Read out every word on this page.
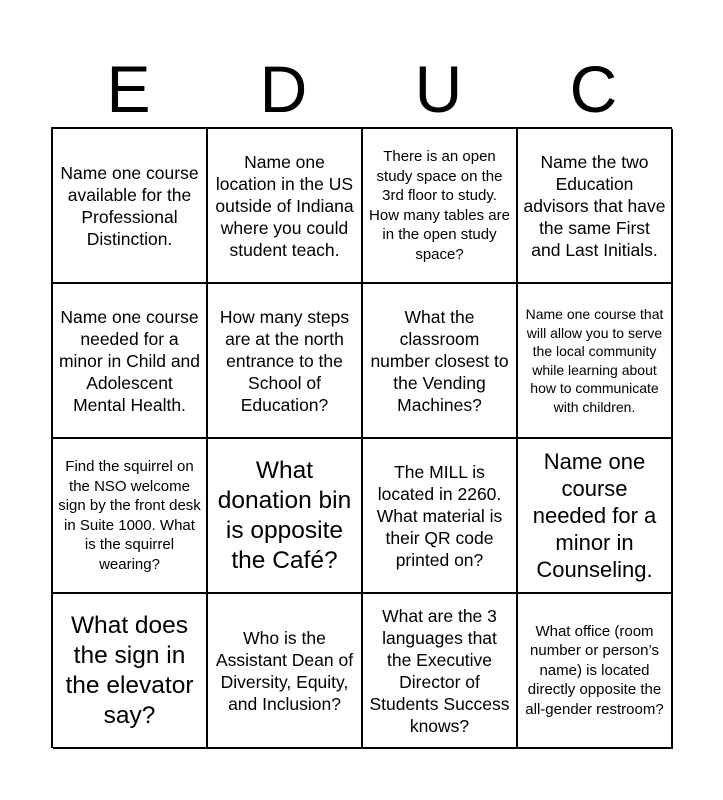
E	D	U	C
Name one course available for the Professional Distinction.
Name one location in the US outside of Indiana where you could student teach.
There is an open study space on the 3rd floor to study. How many tables are in the open study space?
Name the two Education advisors that have the same First and Last Initials.
Name one course needed for a minor in Child and Adolescent Mental Health.
How many steps are at the north entrance to the School of Education?
What the classroom number closest to the Vending Machines?
Name one course that will allow you to serve the local community while learning about how to communicate with children.
Find the squirrel on the NSO welcome sign by the front desk in Suite 1000. What is the squirrel wearing?
What donation bin is opposite the Café?
The MILL is located in 2260. What material is their QR code printed on?
Name one course needed for a minor in Counseling.
What does the sign in the elevator say?
Who is the Assistant Dean of Diversity, Equity, and Inclusion?
What are the 3 languages that the Executive Director of Students Success knows?
What office (room number or person’s name) is located directly opposite the all-gender restroom?
